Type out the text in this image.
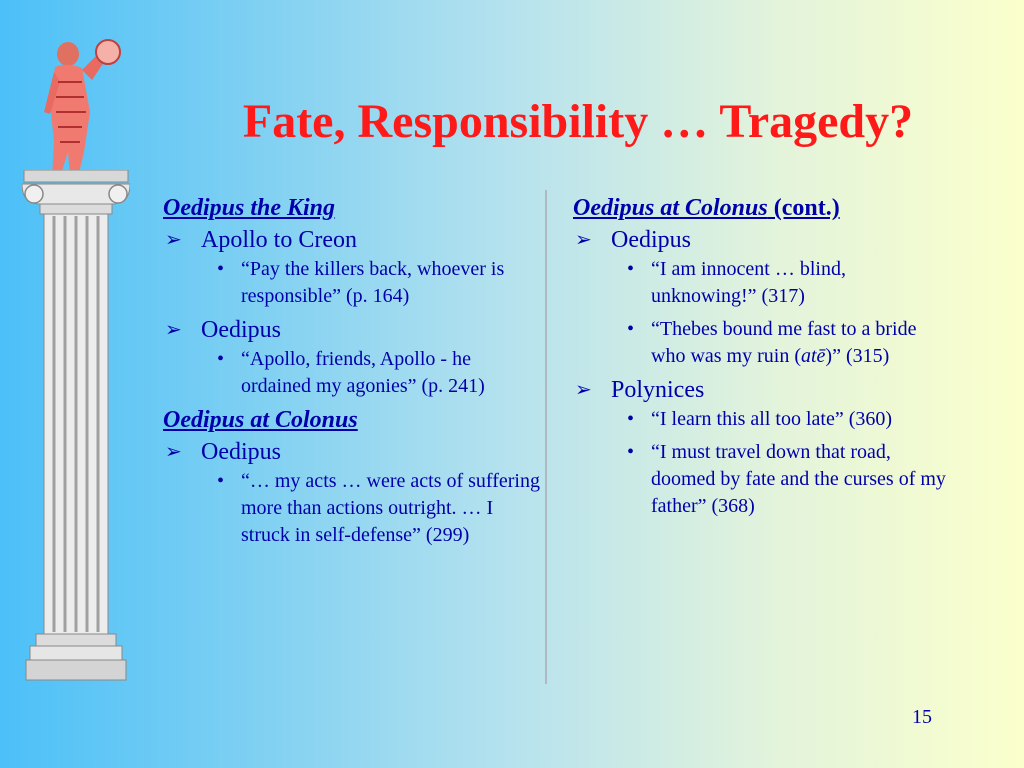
Fate, Responsibility … Tragedy?
Oedipus the King
➢ Apollo to Creon
• “Pay the killers back, whoever is responsible” (p. 164)
➢ Oedipus
• “Apollo, friends, Apollo - he ordained my agonies” (p. 241)
Oedipus at Colonus
➢ Oedipus
• “… my acts … were acts of suffering more than actions outright. … I struck in self-defense” (299)
Oedipus at Colonus (cont.)
➢ Oedipus
• “I am innocent … blind, unknowing!” (317)
• “Thebes bound me fast to a bride who was my ruin (atē)” (315)
➢ Polynices
• “I learn this all too late” (360)
• “I must travel down that road, doomed by fate and the curses of my father” (368)
15
